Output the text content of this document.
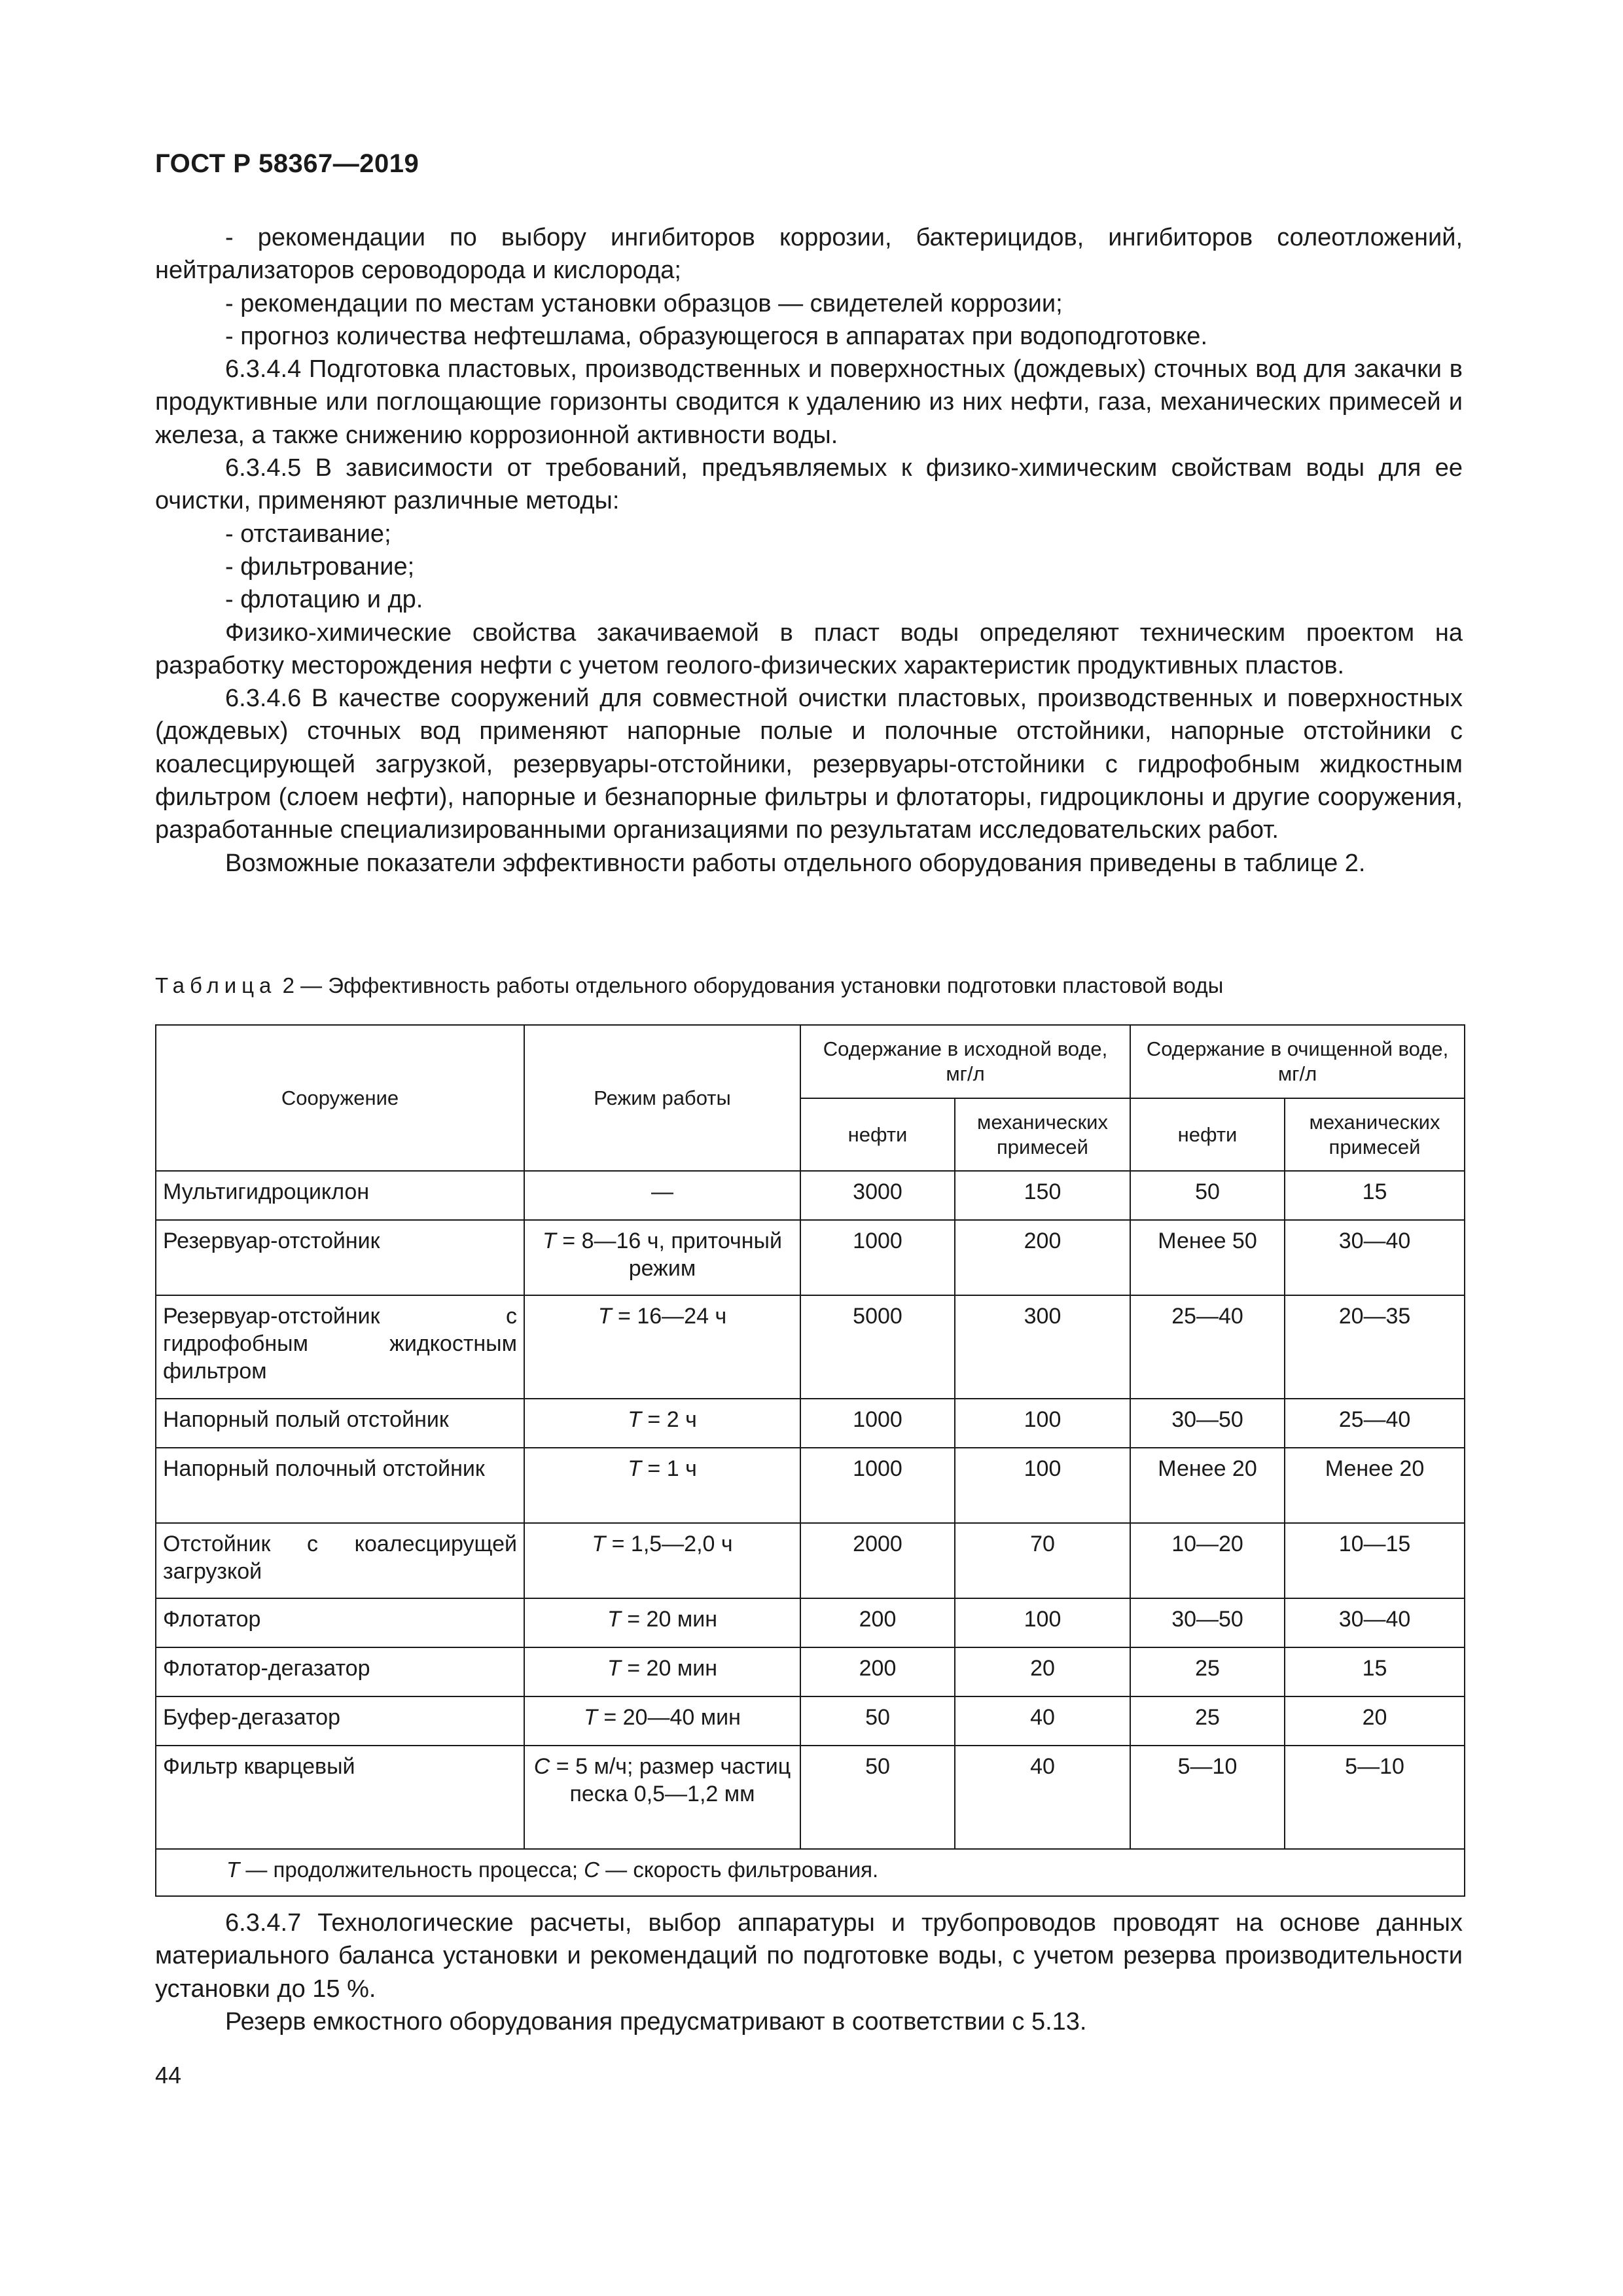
ГОСТ Р 58367—2019

- рекомендации по выбору ингибиторов коррозии, бактерицидов, ингибиторов солеотложений, нейтрализаторов сероводорода и кислорода;

- рекомендации по местам установки образцов — свидетелей коррозии;

- прогноз количества нефтешлама, образующегося в аппаратах при водоподготовке.

6.3.4.4 Подготовка пластовых, производственных и поверхностных (дождевых) сточных вод для закачки в продуктивные или поглощающие горизонты сводится к удалению из них нефти, газа, механических примесей и железа, а также снижению коррозионной активности воды.

6.3.4.5 В зависимости от требований, предъявляемых к физико-химическим свойствам воды для ее очистки, применяют различные методы:

- отстаивание;

- фильтрование;

- флотацию и др.

Физико-химические свойства закачиваемой в пласт воды определяют техническим проектом на разработку месторождения нефти с учетом геолого-физических характеристик продуктивных пластов.

6.3.4.6 В качестве сооружений для совместной очистки пластовых, производственных и поверхностных (дождевых) сточных вод применяют напорные полые и полочные отстойники, напорные отстойники с коалесцирующей загрузкой, резервуары-отстойники, резервуары-отстойники с гидрофобным жидкостным фильтром (слоем нефти), напорные и безнапорные фильтры и флотаторы, гидроциклоны и другие сооружения, разработанные специализированными организациями по результатам исследовательских работ.

Возможные показатели эффективности работы отдельного оборудования приведены в таблице 2.

Таблица 2 — Эффективность работы отдельного оборудования установки подготовки пластовой воды
Сооружение	Режим работы	Содержание в исходной воде, мг/л		Содержание в очищенной воде, мг/л	
		нефти	механических примесей	нефти	механических примесей
Мультигидроциклон	—	3000	150	50	15
Резервуар-отстойник	T = 8—16 ч, приточный режим	1000	200	Менее 50	30—40
Резервуар-отстойник с гидрофобным жидкостным фильтром	T = 16—24 ч	5000	300	25—40	20—35
Напорный полый отстойник	T = 2 ч	1000	100	30—50	25—40
Напорный полочный отстойник	T = 1 ч	1000	100	Менее 20	Менее 20
Отстойник с коалесцирущей загрузкой	T = 1,5—2,0 ч	2000	70	10—20	10—15
Флотатор	T = 20 мин	200	100	30—50	30—40
Флотатор-дегазатор	T = 20 мин	200	20	25	15
Буфер-дегазатор	T = 20—40 мин	50	40	25	20
Фильтр кварцевый	C = 5 м/ч; размер частиц песка 0,5—1,2 мм	50	40	5—10	5—10
T — продолжительность процесса; C — скорость фильтрования.					

6.3.4.7 Технологические расчеты, выбор аппаратуры и трубопроводов проводят на основе данных материального баланса установки и рекомендаций по подготовке воды, с учетом резерва производительности установки до 15 %.

Резерв емкостного оборудования предусматривают в соответствии с 5.13.

44
